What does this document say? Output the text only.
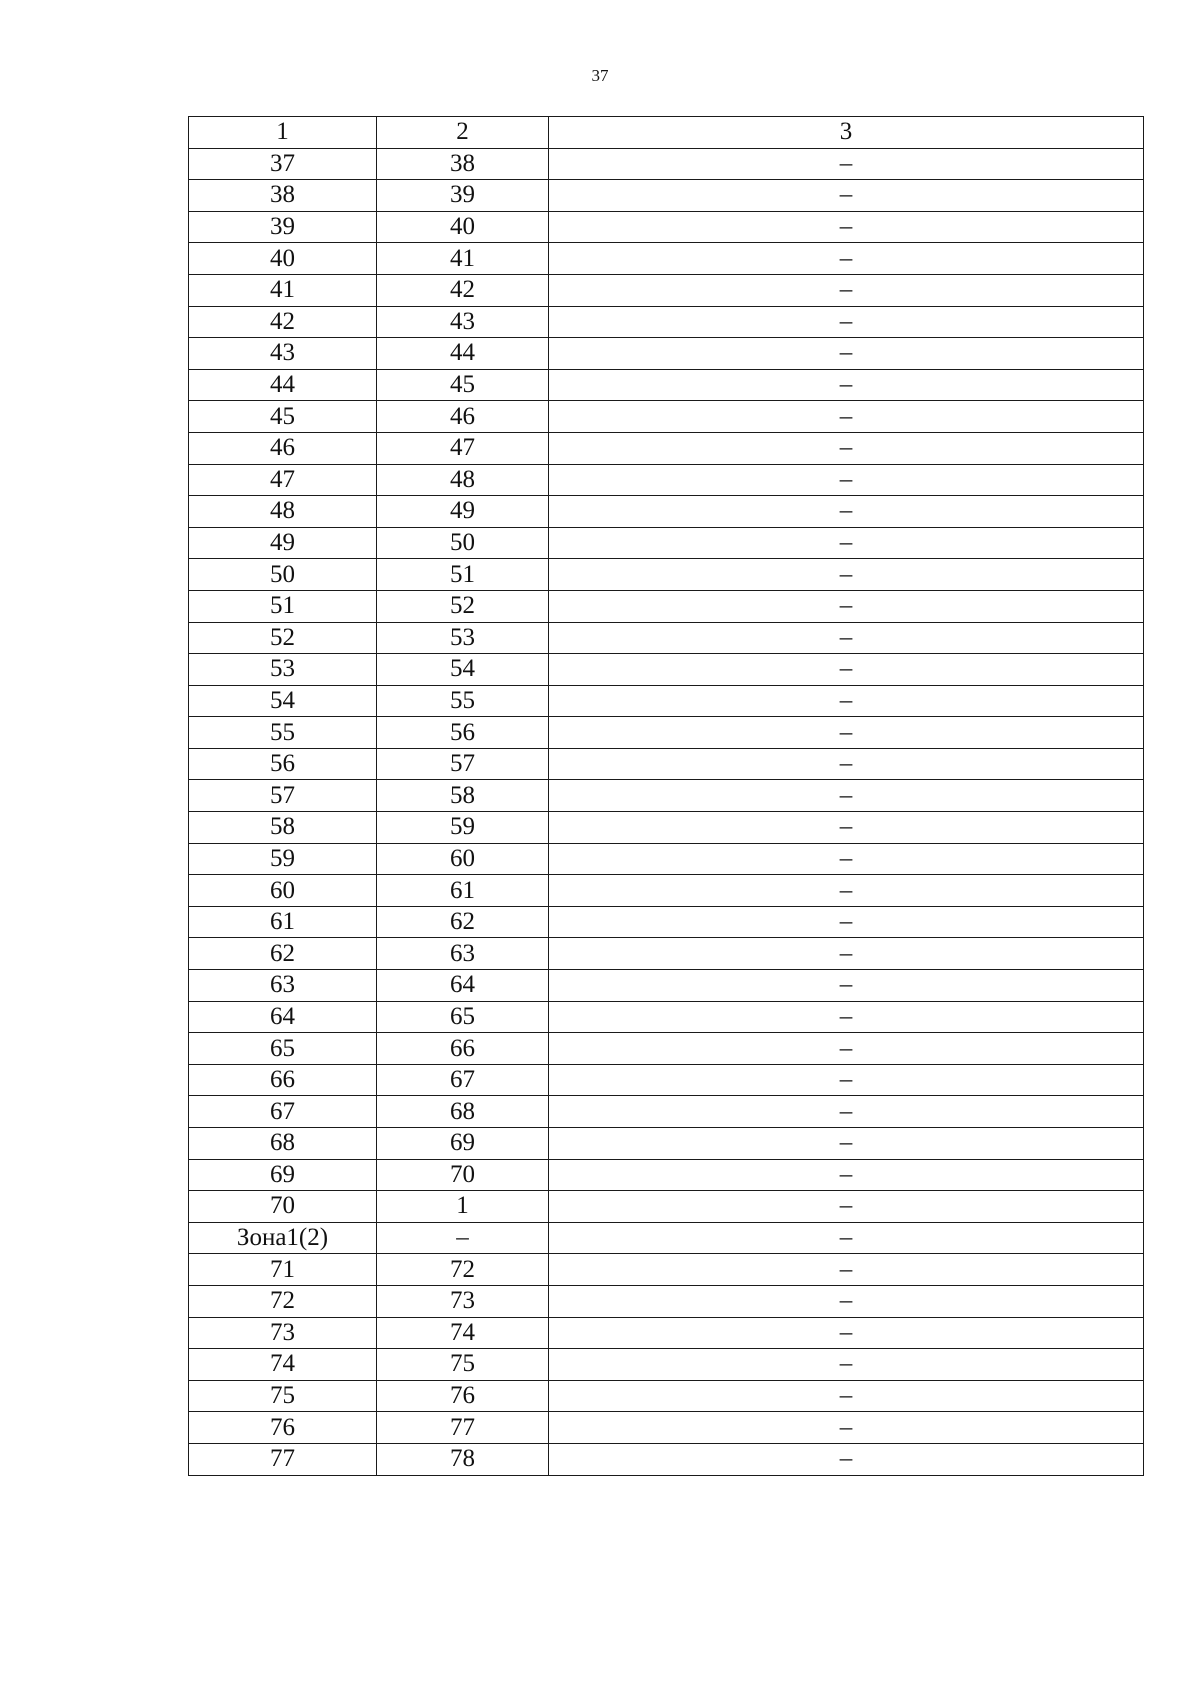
37
1	2	3
37	38	–
38	39	–
39	40	–
40	41	–
41	42	–
42	43	–
43	44	–
44	45	–
45	46	–
46	47	–
47	48	–
48	49	–
49	50	–
50	51	–
51	52	–
52	53	–
53	54	–
54	55	–
55	56	–
56	57	–
57	58	–
58	59	–
59	60	–
60	61	–
61	62	–
62	63	–
63	64	–
64	65	–
65	66	–
66	67	–
67	68	–
68	69	–
69	70	–
70	1	–
Зона1(2)	–	–
71	72	–
72	73	–
73	74	–
74	75	–
75	76	–
76	77	–
77	78	–
